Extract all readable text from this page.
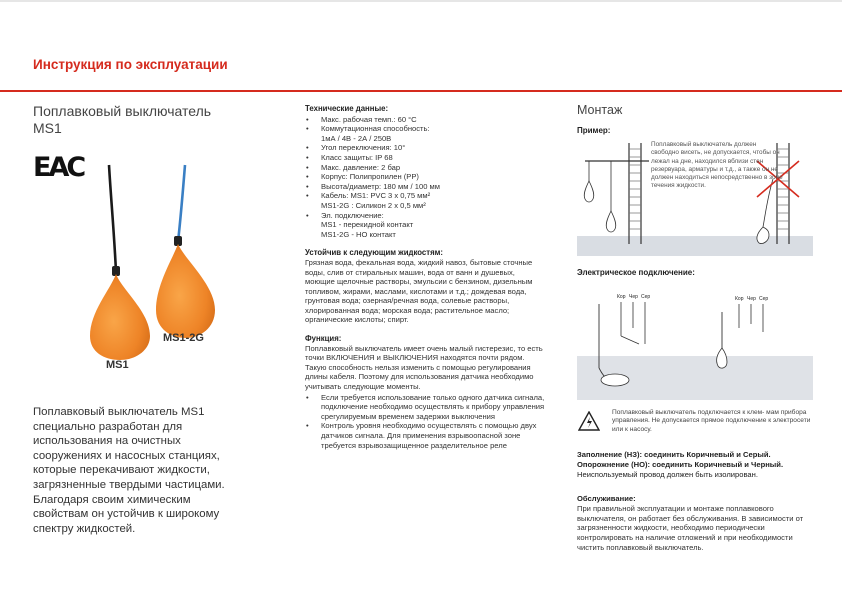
Инструкция по эксплуатации
Поплавковый выключатель
MS1
EAC
MS1
MS1-2G
Поплавковый выключатель MS1 специально разработан для использования на очистных сооружениях и насосных станциях, которые перекачивают жидкости, загрязненные твердыми частицами. Благодаря своим химическим свойствам он устойчив к широкому спектру жидкостей.
Технические данные:
• Макс. рабочая темп.: 60 °С
• Коммутационная способность:
1мА / 4В - 2А / 250В
• Угол переключения: 10°
• Класс защиты: IP 68
• Макс. давление: 2 бар
• Корпус: Полипропилен (PP)
• Высота/диаметр: 180 мм / 100 мм
• Кабель: MS1: PVC 3 x 0,75 мм²
MS1-2G : Силикон 2 x 0,5 мм²
• Эл. подключение:
MS1 - перекидной контакт
MS1-2G - НО контакт
Устойчив к следующим жидкостям:

Грязная вода, фекальная вода, жидкий навоз, бытовые сточные воды, слив от стиральных машин, вода от ванн и душевых, моющие щелочные растворы, эмульсии с бензином, дизельным топливом, жирами, маслами, кислотами и т.д.; дождевая вода, грунтовая вода; озерная/речная вода, солевые растворы, хлорированная вода; морская вода; растительное масло; органические кислоты; спирт.

Функция:

Поплавковый выключатель имеет очень малый гистерезис, то есть точки ВКЛЮЧЕНИЯ и ВЫКЛЮЧЕНИЯ находятся почти рядом. Такую способность нельзя изменить с помощью регулирования длины кабеля. Поэтому для использования датчика необходимо учитывать следующие моменты.

• Если требуется использование только одного датчика сигнала, подключение необходимо осуществлять к прибору управления срегулируемым временем задержки выключения
• Контроль уровня необходимо осуществлять с помощью двух датчиков сигнала. Для применения взрывоопасной зоне требуется взрывозащищенное разделительное реле
Монтаж
Пример:
Поплавковый выключатель должен свободно висеть, не допускается, чтобы он лежал на дне, находился вблизи стен резервуара, арматуры и т.д., а также он не должен находиться непосредственно в зоне течения жидкости.
Электрическое подключение:
Кор Чер Сер	Кор Чер Сер
Поплавковый выключатель подключается к клем- мам прибора управления. Не допускается прямое подключение к электросети или к насосу.
Заполнение (НЗ): соединить Коричневый и Серый.
Опорожнение (НО): соединить Коричневый и Черный.
Неиспользуемый провод должен быть изолирован.
Обслуживание:
При правильной эксплуатации и монтаже поплавкового выключателя, он работает без обслуживания. В зависимости от загрязненности жидкости, необходимо периодически контролировать на наличие отложений и при необходимости чистить поплавковый выключатель.
